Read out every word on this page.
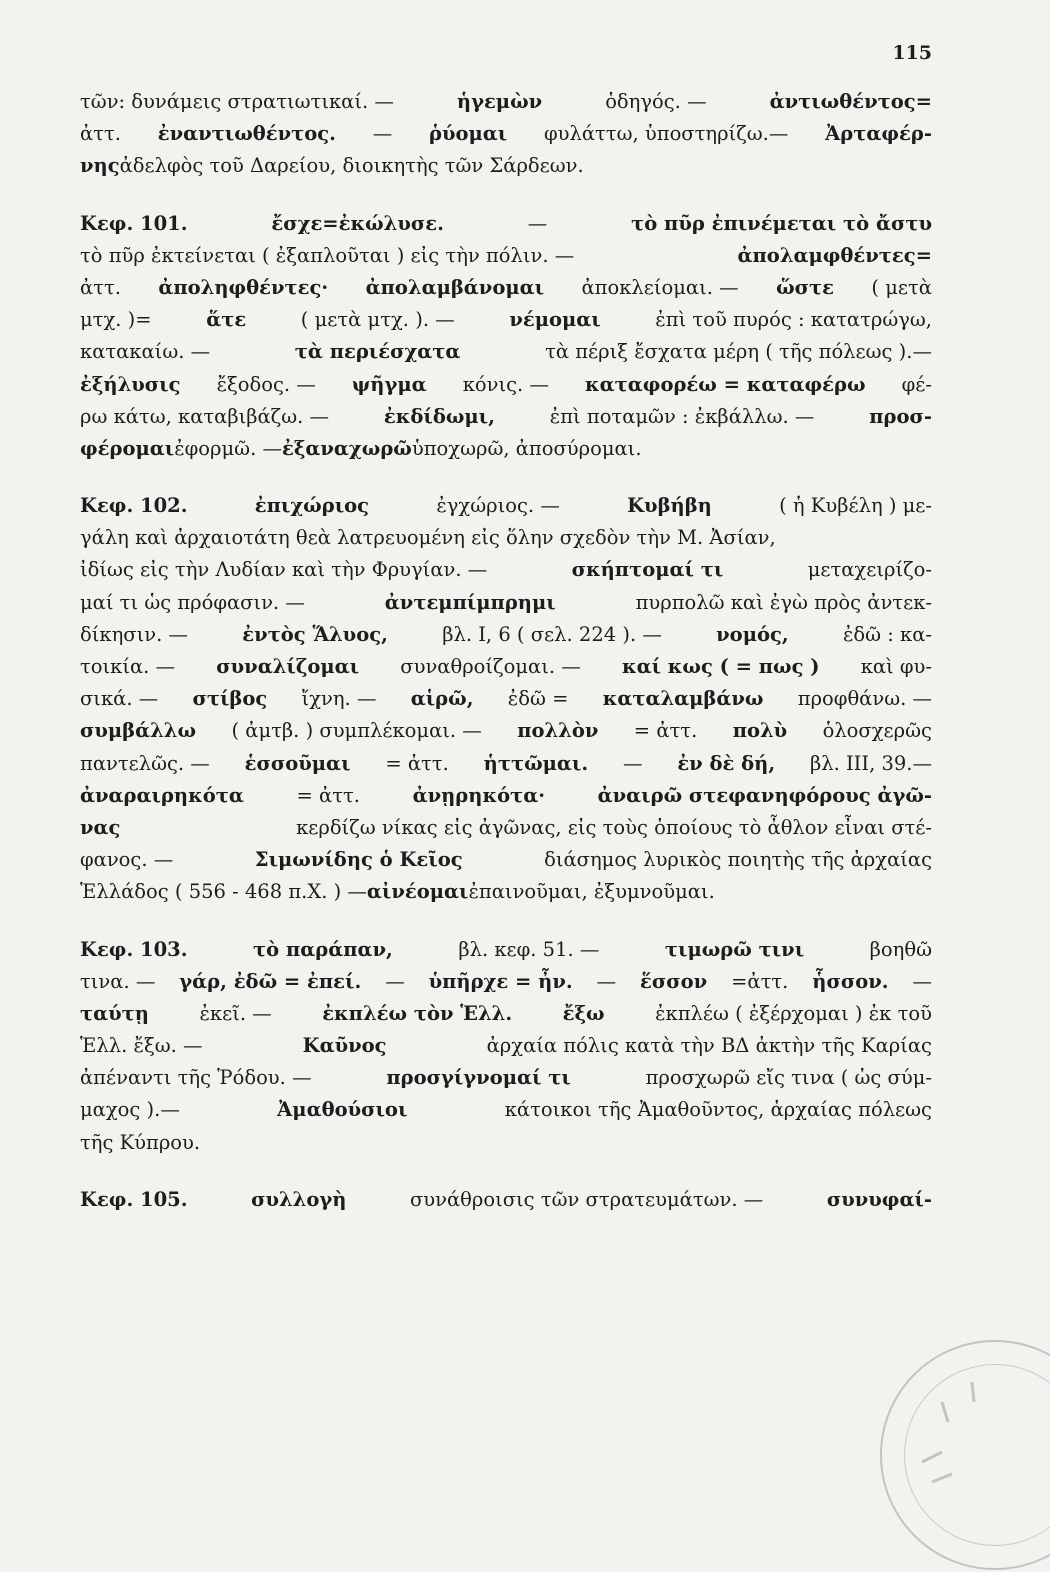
115
τῶν: δυνάμεις στρατιωτικαί. —	ἡγεμὼν	ὁδηγός. —	ἀντιωθέντος=
ἀττ. ἐναντιωθέντος. — ῥύομαι φυλάττω, ὑποστηρίζω.— Ἀρταφέρ-
νης ἀδελφὸς τοῦ Δαρείου, διοικητὴς τῶν Σάρδεων.
Κεφ. 101.	ἔσχε=ἐκώλυσε.	—	τὸ πῦρ ἐπινέμεται τὸ ἄστυ
τὸ πῦρ ἐκτείνεται ( ἐξαπλοῦται ) εἰς τὴν πόλιν. —	ἀπολαμφθέντες=
ἀττ. ἀποληφθέντες· ἀπολαμβάνομαι ἀποκλείομαι. — ὥστε ( μετὰ
μτχ. )=	ἅτε	( μετὰ μτχ. ). —	νέμομαι	ἐπὶ τοῦ πυρός : κατατρώγω,
κατακαίω. —	τὰ περιέσχατα	τὰ πέριξ ἔσχατα μέρη ( τῆς πόλεως ).—
ἐξήλυσις ἔξοδος. — ψῆγμα κόνις. — καταφορέω = καταφέρω φέ-
ρω κάτω, καταβιβάζω. —	ἐκδίδωμι,	ἐπὶ ποταμῶν : ἐκβάλλω. —	προσ-
φέρομαι ἐφορμῶ. — ἐξαναχωρῶ ὑποχωρῶ, ἀποσύρομαι.
Κεφ. 102.	ἐπιχώριος	ἐγχώριος. —	Κυβήβη	( ἡ Κυβέλη ) με-
γάλη καὶ ἀρχαιοτάτη θεὰ λατρευομένη εἰς ὅλην σχεδὸν τὴν Μ. Ἀσίαν,
ἰδίως εἰς τὴν Λυδίαν καὶ τὴν Φρυγίαν. —	σκήπτομαί τι	μεταχειρίζο-
μαί τι ὡς πρόφασιν. —	ἀντεμπίμπρημι	πυρπολῶ καὶ ἐγὼ πρὸς ἀντεκ-
δίκησιν. —	ἐντὸς Ἅλυος,	βλ. I, 6 ( σελ. 224 ). —	νομός,	ἐδῶ : κα-
τοικία. — συναλίζομαι συναθροίζομαι. — καί κως ( = πως ) καὶ φυ-
σικά. — στίβος ἴχνη. — αἱρῶ, ἐδῶ = καταλαμβάνω προφθάνω. —
συμβάλλω ( ἀμτβ. ) συμπλέκομαι. — πολλὸν = ἀττ. πολὺ ὁλοσχερῶς
παντελῶς. — ἑσσοῦμαι = ἀττ. ἡττῶμαι. — ἐν δὲ δή, βλ. III, 39.—
ἀναραιρηκότα	= ἀττ.	ἀνῃρηκότα·	ἀναιρῶ στεφανηφόρους ἀγῶ-
νας	κερδίζω νίκας εἰς ἀγῶνας, εἰς τοὺς ὁποίους τὸ ἆθλον εἶναι στέ-
φανος. —	Σιμωνίδης ὁ Κεῖος	διάσημος λυρικὸς ποιητὴς τῆς ἀρχαίας
Ἑλλάδος ( 556 - 468 π.Χ. ) — αἰνέομαι ἐπαινοῦμαι, ἐξυμνοῦμαι.
Κεφ. 103.	τὸ παράπαν,	βλ. κεφ. 51. —	τιμωρῶ τινι	βοηθῶ
τινα. — γάρ, ἐδῶ = ἐπεί. — ὑπῆρχε = ἦν. — ἕσσον =ἀττ. ἧσσον. —
ταύτῃ	ἐκεῖ. —	ἐκπλέω τὸν Ἑλλ.	ἔξω	ἐκπλέω ( ἐξέρχομαι ) ἐκ τοῦ
Ἑλλ. ἔξω. —	Καῦνος	ἀρχαία πόλις κατὰ τὴν ΒΔ ἀκτὴν τῆς Καρίας
ἀπέναντι τῆς Ῥόδου. —	προσγίγνομαί τι	προσχωρῶ εἴς τινα ( ὡς σύμ-
μαχος ).—	Ἀμαθούσιοι	κάτοικοι τῆς Ἀμαθοῦντος, ἀρχαίας πόλεως
τῆς Κύπρου.
Κεφ. 105.	συλλογὴ	συνάθροισις τῶν στρατευμάτων. —	συνυφαί-
